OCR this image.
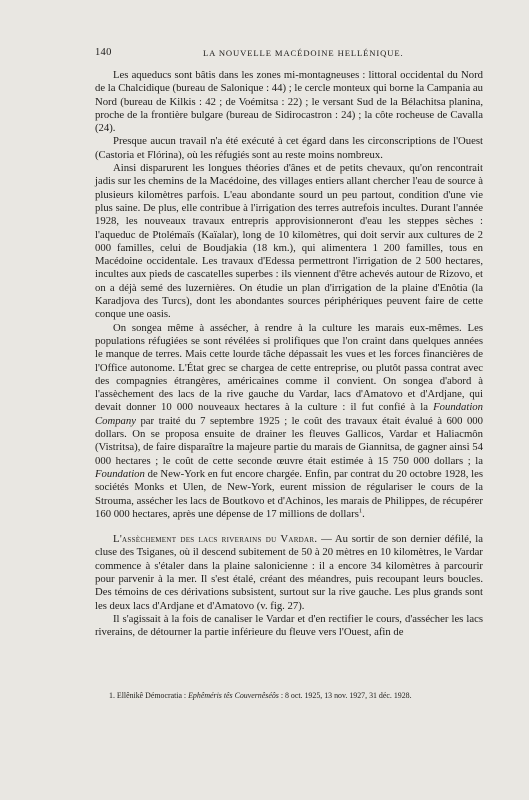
140	LA NOUVELLE MACÉDOINE HELLÉNIQUE.

Les aqueducs sont bâtis dans les zones mi-montagneuses : littoral occidental du Nord de la Chalcidique (bureau de Salonique : 44) ; le cercle monteux qui borne la Campania au Nord (bureau de Kilkis : 42 ; de Voémitsa : 22) ; le versant Sud de la Bélachitsa planina, proche de la frontière bulgare (bureau de Sidirocastron : 24) ; la côte rocheuse de Cavalla (24).

Presque aucun travail n'a été exécuté à cet égard dans les circonscriptions de l'Ouest (Castoria et Flórina), où les réfugiés sont au reste moins nombreux.

Ainsi disparurent les longues théories d'ânes et de petits chevaux, qu'on rencontrait jadis sur les chemins de la Macédoine, des villages entiers allant chercher l'eau de source à plusieurs kilomètres parfois. L'eau abondante sourd un peu partout, condition d'une vie plus saine. De plus, elle contribue à l'irrigation des terres autrefois incultes. Durant l'année 1928, les nouveaux travaux entrepris approvisionneront d'eau les steppes sèches : l'aqueduc de Ptolémaïs (Kaïalar), long de 10 kilomètres, qui doit servir aux cultures de 2 000 familles, celui de Boudjakia (18 km.), qui alimentera 1 200 familles, tous en Macédoine occidentale. Les travaux d'Edessa permettront l'irrigation de 2 500 hectares, incultes aux pieds de cascatelles superbes : ils viennent d'être achevés autour de Rizovo, et on a déjà semé des luzernières. On étudie un plan d'irrigation de la plaine d'Enôtia (la Karadjova des Turcs), dont les abondantes sources périphériques peuvent faire de cette conque une oasis.

On songea même à assécher, à rendre à la culture les marais eux-mêmes. Les populations réfugiées se sont révélées si prolifiques que l'on craint dans quelques années le manque de terres. Mais cette lourde tâche dépassait les vues et les forces financières de l'Office autonome. L'État grec se chargea de cette entreprise, ou plutôt passa contrat avec des compagnies étrangères, américaines comme il convient. On songea d'abord à l'assèchement des lacs de la rive gauche du Vardar, lacs d'Amatovo et d'Ardjane, qui devait donner 10 000 nouveaux hectares à la culture : il fut confié à la Foundation Company par traité du 7 septembre 1925 ; le coût des travaux était évalué à 600 000 dollars. On se proposa ensuite de drainer les fleuves Gallicos, Vardar et Haliacmôn (Vistritsa), de faire disparaître la majeure partie du marais de Giannitsa, de gagner ainsi 54 000 hectares ; le coût de cette seconde œuvre était estimée à 15 750 000 dollars ; la Foundation de New-York en fut encore chargée. Enfin, par contrat du 20 octobre 1928, les sociétés Monks et Ulen, de New-York, eurent mission de régulariser le cours de la Strouma, assécher les lacs de Boutkovo et d'Achinos, les marais de Philippes, de récupérer 160 000 hectares, après une dépense de 17 millions de dollars$^1$.

L'assèchement des lacs riverains du Vardar. — Au sortir de son dernier défilé, la cluse des Tsiganes, où il descend subitement de 50 à 20 mètres en 10 kilomètres, le Vardar commence à s'étaler dans la plaine salonicienne : il a encore 34 kilomètres à parcourir pour parvenir à la mer. Il s'est étalé, créant des méandres, puis recoupant leurs boucles. Des témoins de ces dérivations subsistent, surtout sur la rive gauche. Les plus grands sont les deux lacs d'Ardjane et d'Amatovo (v. fig. 27).

Il s'agissait à la fois de canaliser le Vardar et d'en rectifier le cours, d'assécher les lacs riverains, de détourner la partie inférieure du fleuve vers l'Ouest, afin de

1. Ellênikê Démocratia : Ephêméris tês Couvernêséôs : 8 oct. 1925, 13 nov. 1927, 31 déc. 1928.
